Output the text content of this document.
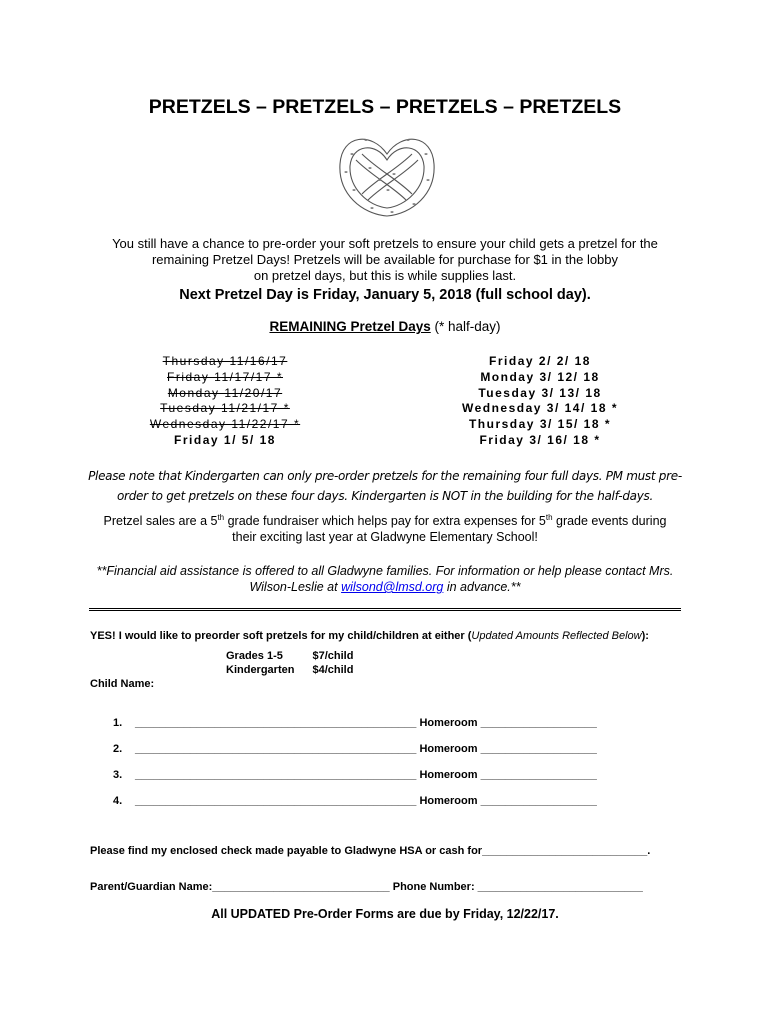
PRETZELS – PRETZELS – PRETZELS – PRETZELS
You still have a chance to pre-order your soft pretzels to ensure your child gets a pretzel for the
remaining Pretzel Days! Pretzels will be available for purchase for $1 in the lobby
on pretzel days, but this is while supplies last.
Next Pretzel Day is Friday, January 5, 2018 (full school day).
REMAINING Pretzel Days (* half-day)
Thursday 11/16/17
Friday 11/17/17 *
Monday 11/20/17
Tuesday 11/21/17 *
Wednesday 11/22/17 *
Friday 1/ 5/ 18
Friday 2/ 2/ 18
Monday 3/ 12/ 18
Tuesday 3/ 13/ 18
Wednesday 3/ 14/ 18 *
Thursday 3/ 15/ 18 *
Friday 3/ 16/ 18 *
Please note that Kindergarten can only pre-order pretzels for the remaining four full days. PM must pre-
order to get pretzels on these four days. Kindergarten is NOT in the building for the half-days.
Pretzel sales are a 5th grade fundraiser which helps pay for extra expenses for 5th grade events during
their exciting last year at Gladwyne Elementary School!
**Financial aid assistance is offered to all Gladwyne families. For information or help please contact Mrs.
Wilson-Leslie at wilsond@lmsd.org in advance.**
YES! I would like to preorder soft pretzels for my child/children at either (Updated Amounts Reflected Below):
Grades 1-5	$7/child
Kindergarten	$4/child
Child Name:
1. ______________________________________________ Homeroom ___________________
2. ______________________________________________ Homeroom ___________________
3. ______________________________________________ Homeroom ___________________
4. ______________________________________________ Homeroom ___________________
Please find my enclosed check made payable to Gladwyne HSA or cash for___________________________.
Parent/Guardian Name:_____________________________ Phone Number: ___________________________
All UPDATED Pre-Order Forms are due by Friday, 12/22/17.
